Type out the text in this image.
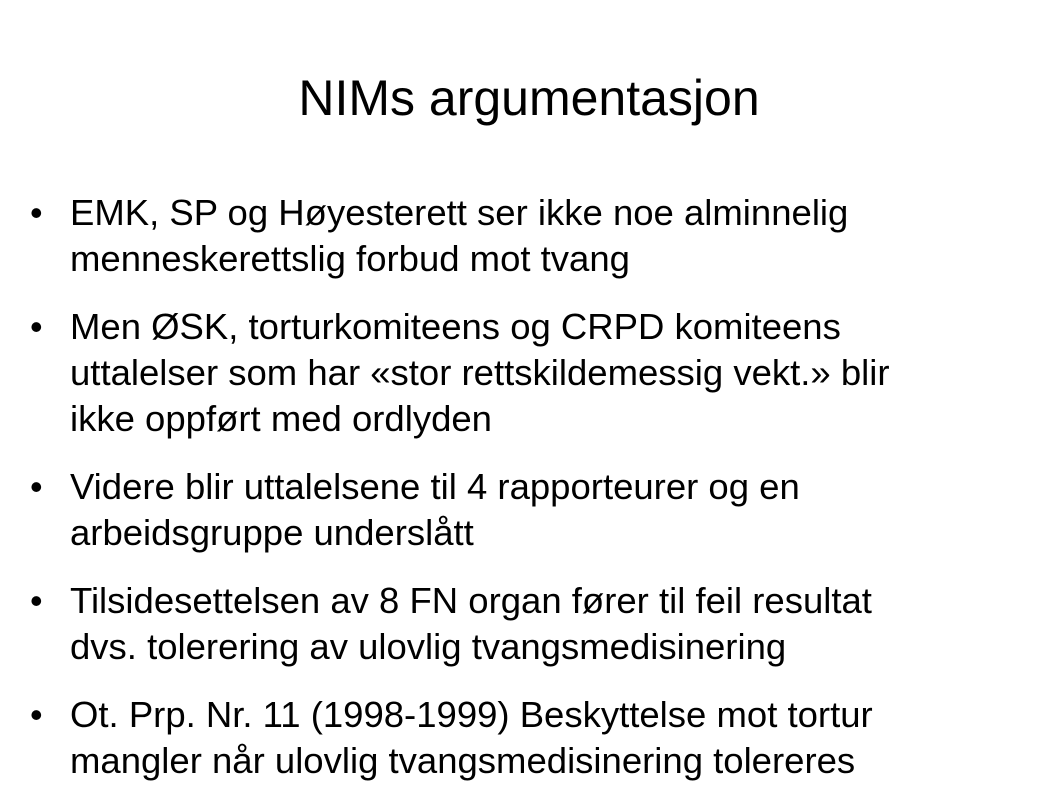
NIMs argumentasjon
• EMK, SP og Høyesterett ser ikke noe alminnelig
menneskerettslig forbud mot tvang
• Men ØSK, torturkomiteens og CRPD komiteens
uttalelser som har «stor rettskildemessig vekt.» blir
ikke oppført med ordlyden
• Videre blir uttalelsene til 4 rapporteurer og en
arbeidsgruppe underslått
• Tilsidesettelsen av 8 FN organ fører til feil resultat
dvs. tolerering av ulovlig tvangsmedisinering
• Ot. Prp. Nr. 11 (1998-1999) Beskyttelse mot tortur
mangler når ulovlig tvangsmedisinering tolereres
